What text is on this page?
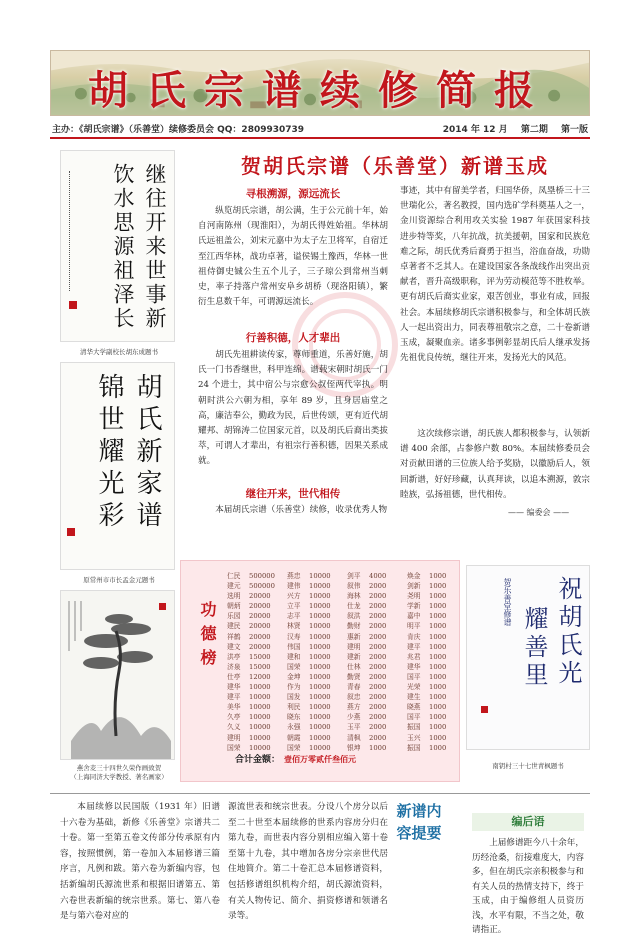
胡氏宗谱续修简报
主办：《胡氏宗谱》（乐善堂）续修委员会 QQ：2809930739	2014 年 12 月 第二期 第一版
饮水思源祖泽长 继往开来世事新
清华大学副校长胡东成题书
胡氏新家谱
锦世耀光彩
原常州市市长孟金元题书
燕舍麦三十四世久荣作画致贺
（上海同济大学教授、著名画家）
贺胡氏宗谱（乐善堂）新谱玉成
寻根溯源，源远流长
纵览胡氏宗谱，胡公满，生于公元前十年，始自河南陈州（现淮阳），为胡氏得姓始祖。华林胡氏远祖盖公，刘宋元嘉中为太子左卫将军，自宿迁至江西华林，战功卓著，谥侯锡土豫西，华林一世祖侍御史铖公生五个儿子，三子琼公到常州当刺史，率子持落户常州安阜乡胡桥（现洛阳镇），繁衍生息数千年，可谓源远流长。
行善积德，人才辈出
胡氏先祖耕读传家，尊师重道，乐善好施，胡氏一门书香继世，科甲连绵。谱载宋朝时胡氏一门 24 个进士，其中宿公与宗愈公叔侄两代宰执。明朝时洪公六朝为相，享年 89 岁，且身居庙堂之高，廉洁奉公，勤政为民，后世传颂，更有近代胡耀邦、胡锦涛二位国家元首，以及胡氏后裔出类拔萃，可谓人才辈出，有祖宗行善积德，因果关系成就。
继往开来，世代相传
本届胡氏宗谱（乐善堂）续修，收录优秀人物
事迹，其中有留美学者，归国华侨，凤塁桥三十三世瑞化公，著名教授，国内选矿学科奠基人之一，金川资源综合利用攻关实验 1987 年获国家科技进步特等奖，八年抗战，抗美援朝，国家和民族危难之际，胡氏优秀后裔勇于担当，浴血奋战，功勋卓著者不乏其人。在建设国家各条战线作出突出贡献者，晋升高级职称，评为劳动模范等不胜枚举。更有胡氏后裔实业家，艰苦创业，事业有成，回报社会。本届续修胡氏宗谱积极参与，和全体胡氏族人一起出资出力，同表尊祖敬宗之意，二十卷新谱玉成，凝聚血亲。诸多事例彰显胡氏后人继承发扬先祖优良传统，继往开来，发扬光大的风范。
这次续修宗谱，胡氏族人都积极参与，认领新谱 400 余部，占参修户数 80%。本届续修委员会对贡献田谱的三位族人给予奖励，以徽励后人，领回新谱，好好珍藏，认真拜读，以追本溯源，敦宗睦族，弘扬祖德，世代相传。
—— 编委会 ——
功德榜
仁民 500000
建元 500000
选明 20000
朝炳 20000
乐园 20000
建民 20000
祥鹤 20000
建文 20000
洪亭 15000
济泉 15000
仕亭 12000
建华 10000
建平 10000
美华 10000
久亭 10000
久义 10000
建明 10000
国荣 10000
燕忠 10000
建伟 10000
兴方 10000
立平 10000
志平 10000
林贤 10000
汉寿 10000
伟国 10000
建和 10000
国荣 10000
金坤 10000
作为 10000
国发 10000
利民 10000
晓东 10000
永强 10000
朝霞 10000
国荣 10000
剑平 4000
叙伟 2000
海林 2000
仕龙 2000
叙洪 2000
勤财 2000
惠新 2000
建明 2000
建新 2000
仕林 2000
勤贤 2000
青春 2000
叙忠 2000
燕方 2000
少燕 2000
玉平 2000
清枫 2000
银坤 1000
焕金 1000
剑新 1000
尧明 1000
学新 1000
嘉中 1000
明平 1000
肯庆 1000
建平 1000
兆君 1000
建华 1000
国平 1000
光荣 1000
建生 1000
晓燕 1000
国平 1000
振国 1000
玉兴 1000
振国 1000
合计金额： 壹佰万零贰仟叁佰元
祝胡氏光
耀善里
贺乐善堂修谱
南钥村三十七世青枫题书
本届续修以民国版（1931 年）旧谱十六卷为基础，新修《乐善堂》宗谱共二十卷。第一至第五卷文传部分传承原有内容，按照惯例，第一卷加入本届修谱三篇序言，凡例和跋。第六卷为新编内容，包括新编胡氏源流世系和根据旧谱第五、第六卷世表新编的统宗世系。第七、第八卷是与第六卷对应的
源流世表和统宗世表。分设八个房分以后至二十世至本届续修的世系内容房分归在第九卷，而世表内容分别相应编入第十卷至第十九卷，其中增加各房分宗亲世代居住地简介。第二十卷汇总本届修谱资料，包括修谱组织机构介绍，胡氏源流资料，有关人物传记、简介、捐资修谱和领谱名录等。
新谱内容提要
编后语
上届修谱距今八十余年，历经沧桑，衍接难度大，内容多，但在胡氏宗亲积极参与和有关人员的热情支持下，终于玉成，由于编修组人员资历浅，水平有限，不当之处，敬请指正。
